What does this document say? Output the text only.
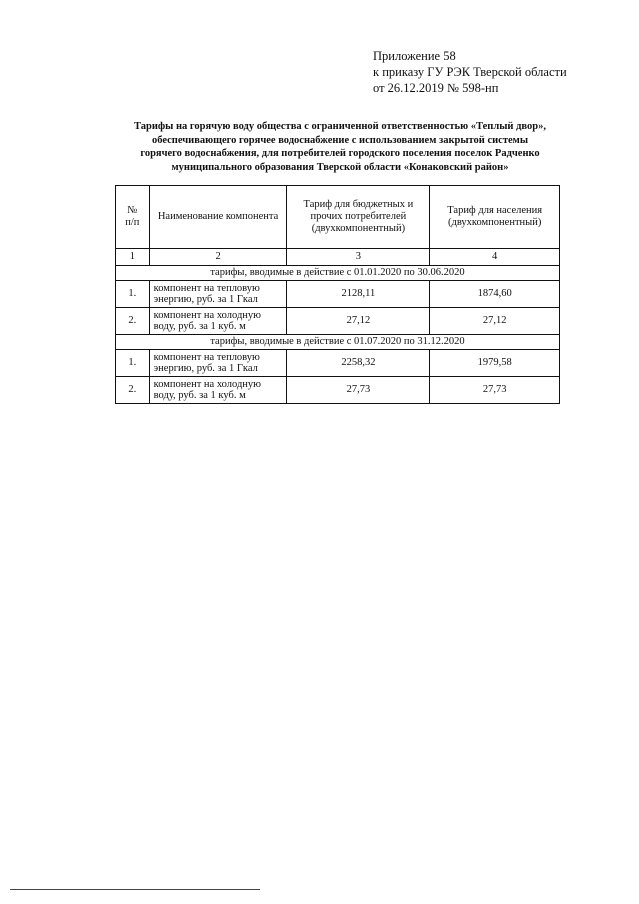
Приложение 58
к приказу ГУ РЭК Тверской области
от 26.12.2019 № 598-нп
Тарифы на горячую воду общества с ограниченной ответственностью «Теплый двор»,
обеспечивающего горячее водоснабжение с использованием закрытой системы
горячего водоснабжения, для потребителей городского поселения поселок Радченко
муниципального образования Тверской области «Конаковский район»
№
п/п	Наименование компонента	Тариф для бюджетных и прочих потребителей (двухкомпонентный)	Тариф для населения (двухкомпонентный)
1	2	3	4
тарифы, вводимые в действие с 01.01.2020 по 30.06.2020			
1.	компонент на тепловую энергию, руб. за 1 Гкал	2128,11	1874,60
2.	компонент на холодную воду, руб. за 1 куб. м	27,12	27,12
тарифы, вводимые в действие с 01.07.2020 по 31.12.2020			
1.	компонент на тепловую энергию, руб. за 1 Гкал	2258,32	1979,58
2.	компонент на холодную воду, руб. за 1 куб. м	27,73	27,73
